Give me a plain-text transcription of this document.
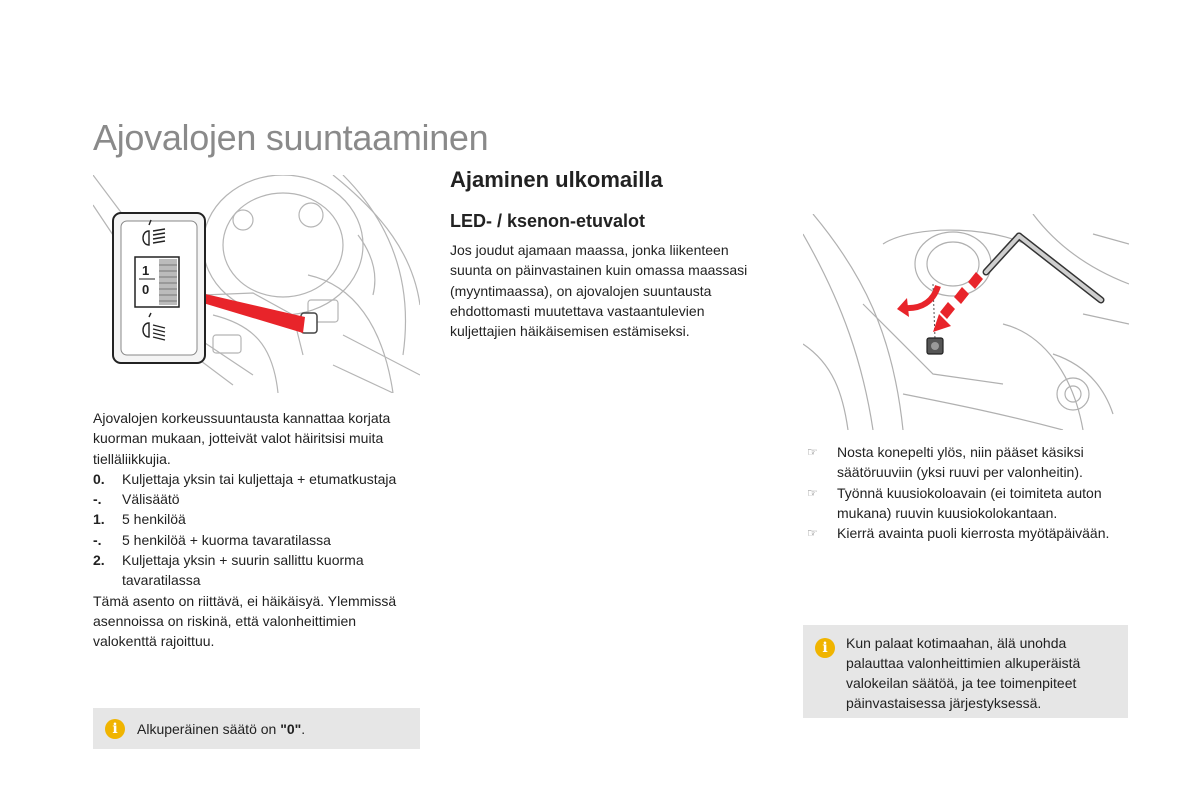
Ajovalojen suuntaaminen
1
0

Ajovalojen korkeussuuntausta kannattaa korjata kuorman mukaan, jotteivät valot häiritsisi muita tielläliikkujia.

0.	Kuljettaja yksin tai kuljettaja + etumatkustaja
-.	Välisäätö
1.	5 henkilöä
-.	5 henkilöä + kuorma tavaratilassa
2.	Kuljettaja yksin + suurin sallittu kuorma tavaratilassa

Tämä asento on riittävä, ei häikäisyä. Ylemmissä asennoissa on riskinä, että valonheittimien valokenttä rajoittuu.

i	Alkuperäinen säätö on "0".
Ajaminen ulkomailla
LED- / ksenon-etuvalot

Jos joudut ajamaan maassa, jonka liikenteen suunta on päinvastainen kuin omassa maassasi (myyntimaassa), on ajovalojen suuntausta ehdottomasti muutettava vastaantulevien kuljettajien häikäisemisen estämiseksi.

☞	Nosta konepelti ylös, niin pääset käsiksi säätöruuviin (yksi ruuvi per valonheitin).
☞	Työnnä kuusiokoloavain (ei toimiteta auton mukana) ruuvin kuusiokolokantaan.
☞	Kierrä avainta puoli kierrosta myötäpäivään.
i	Kun palaat kotimaahan, älä unohda palauttaa valonheittimien alkuperäistä valokeilan säätöä, ja tee toimenpiteet päinvastaisessa järjestyksessä.
